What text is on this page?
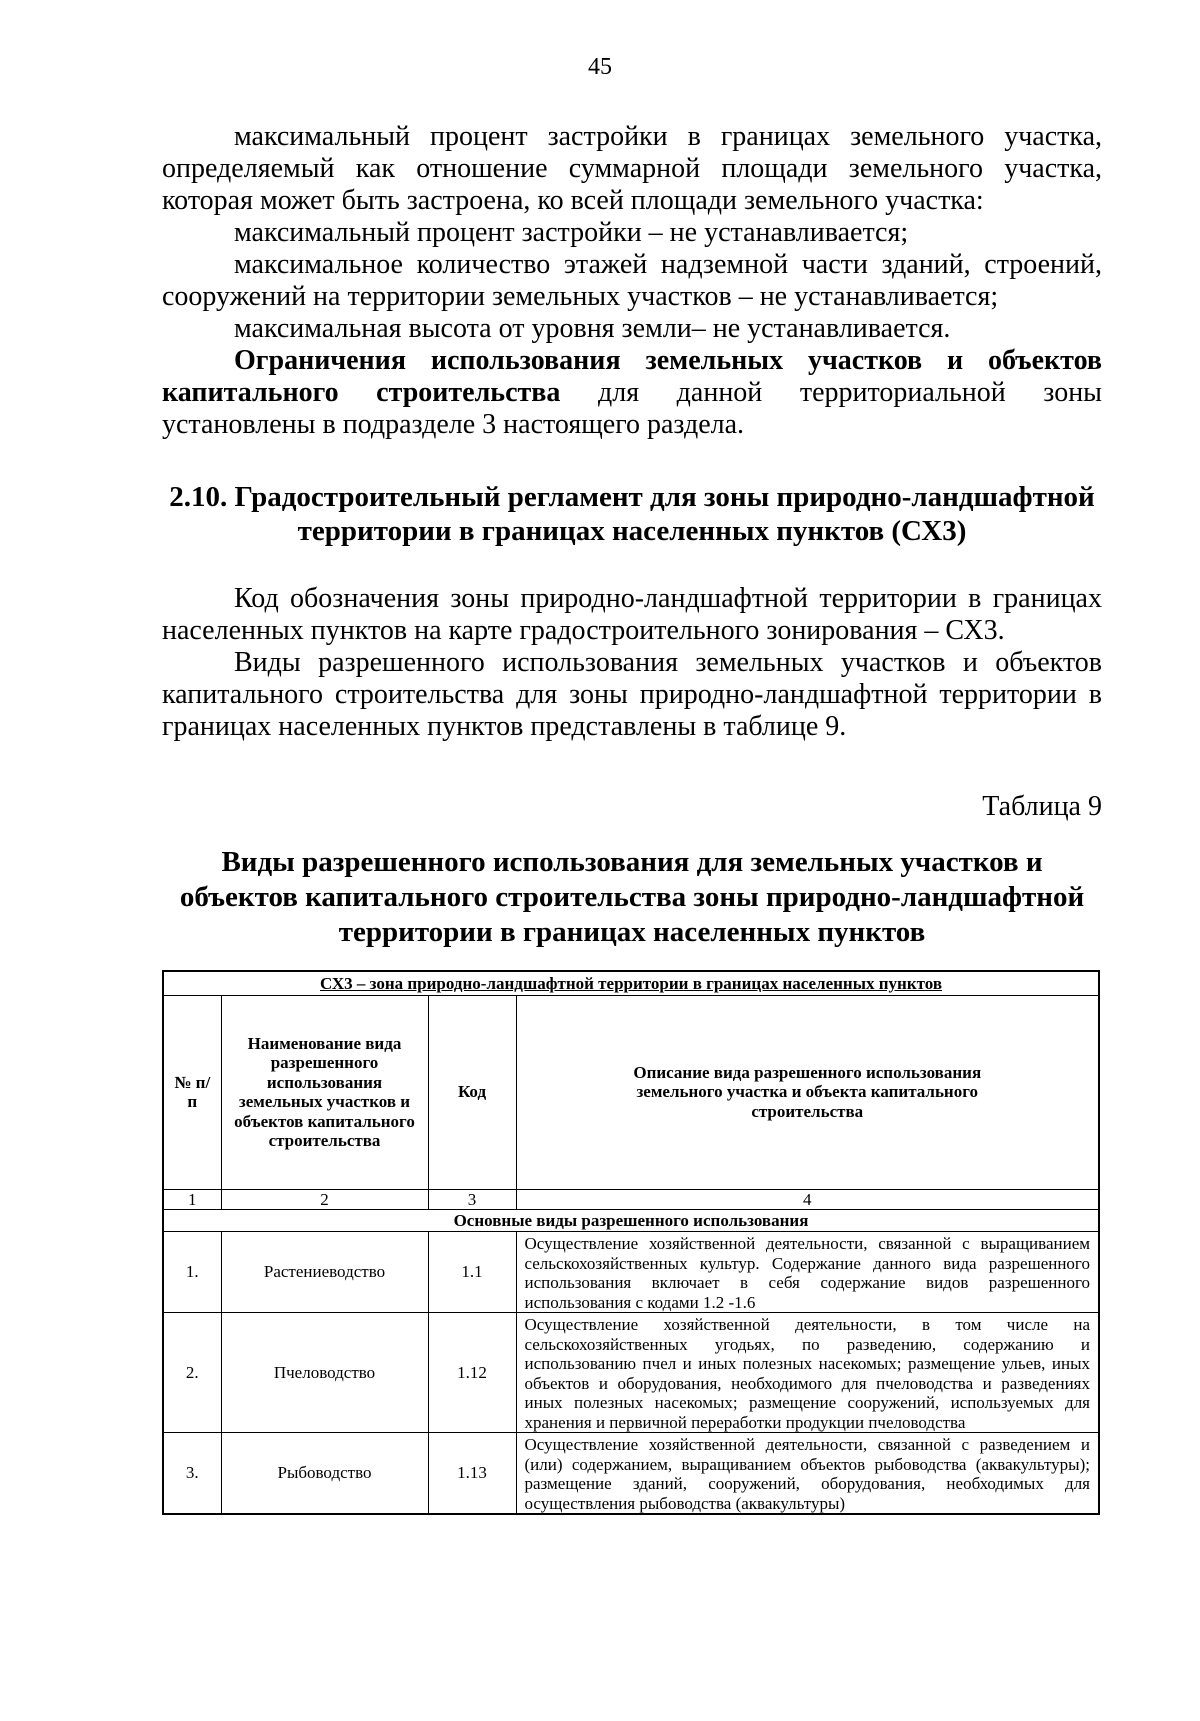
45
максимальный процент застройки в границах земельного участка, определяемый как отношение суммарной площади земельного участка, которая может быть застроена, ко всей площади земельного участка:
максимальный процент застройки – не устанавливается;
максимальное количество этажей надземной части зданий, строений, сооружений на территории земельных участков – не устанавливается;
максимальная высота от уровня земли– не устанавливается.
Ограничения использования земельных участков и объектов капитального строительства для данной территориальной зоны установлены в подразделе 3 настоящего раздела.
2.10. Градостроительный регламент для зоны природно-ландшафтной территории в границах населенных пунктов (СХ3)
Код обозначения зоны природно-ландшафтной территории в границах населенных пунктов на карте градостроительного зонирования – СХ3.
Виды разрешенного использования земельных участков и объектов капитального строительства для зоны природно-ландшафтной территории в границах населенных пунктов представлены в таблице 9.
Таблица 9
Виды разрешенного использования для земельных участков и объектов капитального строительства зоны природно-ландшафтной территории в границах населенных пунктов
СХ3 – зона природно-ландшафтной территории в границах населенных пунктов			
№ п/п	Наименование вида разрешенного использования земельных участков и объектов капитального строительства	Код	Описание вида разрешенного использования земельного участка и объекта капитального строительства
1	2	3	4
Основные виды разрешенного использования			
1.	Растениеводство	1.1	Осуществление хозяйственной деятельности, связанной с выращиванием сельскохозяйственных культур. Содержание данного вида разрешенного использования включает в себя содержание видов разрешенного использования с кодами 1.2 -1.6
2.	Пчеловодство	1.12	Осуществление хозяйственной деятельности, в том числе на сельскохозяйственных угодьях, по разведению, содержанию и использованию пчел и иных полезных насекомых; размещение ульев, иных объектов и оборудования, необходимого для пчеловодства и разведениях иных полезных насекомых; размещение сооружений, используемых для хранения и первичной переработки продукции пчеловодства
3.	Рыбоводство	1.13	Осуществление хозяйственной деятельности, связанной с разведением и (или) содержанием, выращиванием объектов рыбоводства (аквакультуры); размещение зданий, сооружений, оборудования, необходимых для осуществления рыбоводства (аквакультуры)
